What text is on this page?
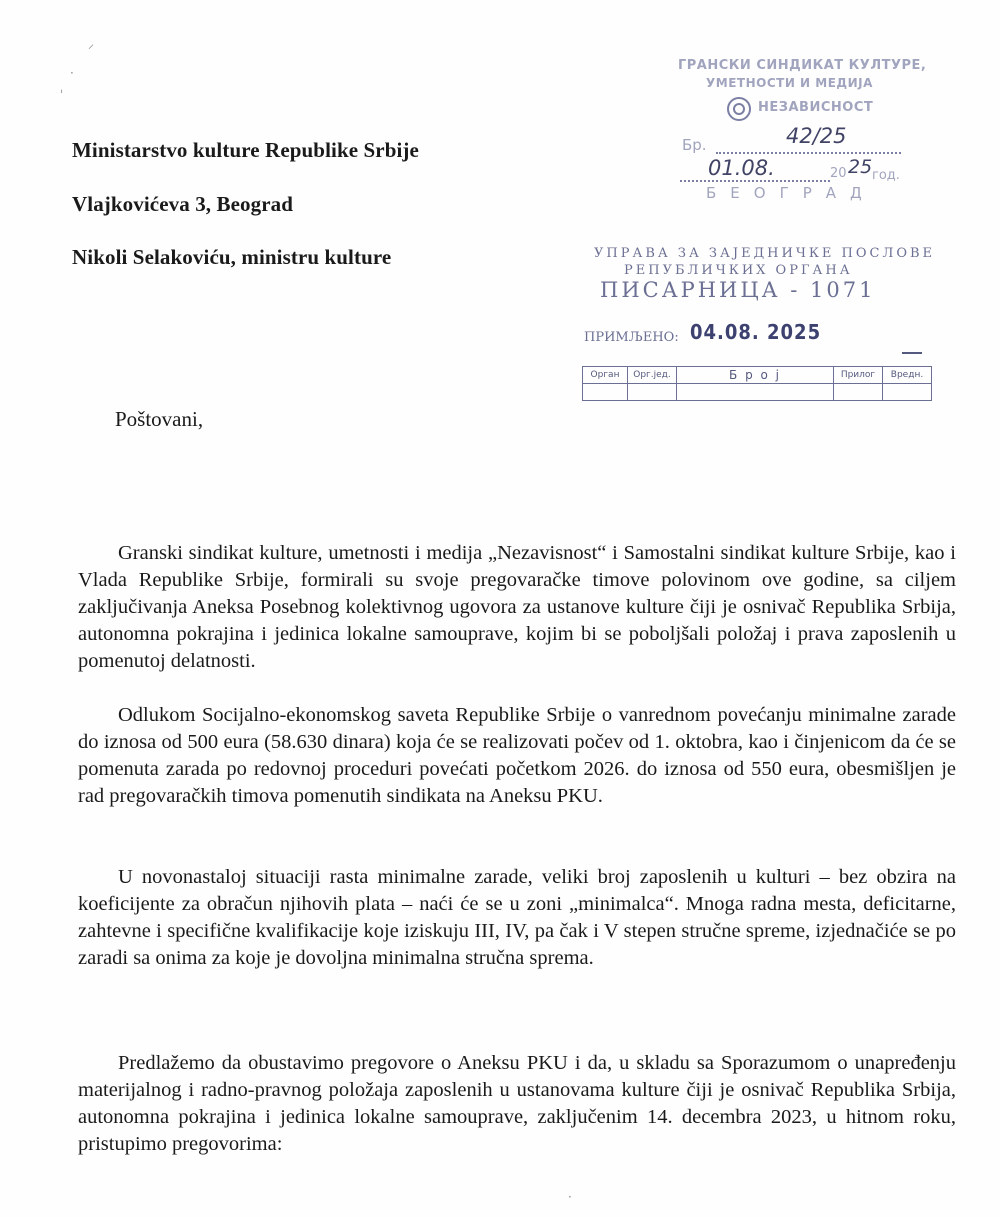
⸍
·
ˌ
Ministarstvo kulture Republike Srbije
Vlajkovićeva 3, Beograd
Nikoli Selakoviću, ministru kulture
ГРАНСКИ СИНДИКАТ КУЛТУРЕ,
УМЕТНОСТИ И МЕДИЈА
НЕЗАВИСНОСТ
Бр.	42/25
01.08.	20 25 год.
БЕОГРАД
УПРАВА ЗА ЗАЈЕДНИЧКЕ ПОСЛОВЕ
РЕПУБЛИЧКИХ ОРГАНА
ПИСАРНИЦА - 1071
ПРИМЉЕНО: 04.08. 2025
Орган	Орг.јед.	Б р о ј	Прилог	Вредн.

Poštovani,
Granski sindikat kulture, umetnosti i medija „Nezavisnost“ i Samostalni sindikat kulture Srbije, kao i Vlada Republike Srbije, formirali su svoje pregovaračke timove polovinom ove godine, sa ciljem zaključivanja Aneksa Posebnog kolektivnog ugovora za ustanove kulture čiji je osnivač Republika Srbija, autonomna pokrajina i jedinica lokalne samouprave, kojim bi se poboljšali položaj i prava zaposlenih u pomenutoj delatnosti.
Odlukom Socijalno-ekonomskog saveta Republike Srbije o vanrednom povećanju minimalne zarade do iznosa od 500 eura (58.630 dinara) koja će se realizovati počev od 1. oktobra, kao i činjenicom da će se pomenuta zarada po redovnoj proceduri povećati početkom 2026. do iznosa od 550 eura, obesmišljen je rad pregovaračkih timova pomenutih sindikata na Aneksu PKU.
U novonastaloj situaciji rasta minimalne zarade, veliki broj zaposlenih u kulturi – bez obzira na koeficijente za obračun njihovih plata – naći će se u zoni „minimalca“. Mnoga radna mesta, deficitarne, zahtevne i specifične kvalifikacije koje iziskuju III, IV, pa čak i V stepen stručne spreme, izjednačiće se po zaradi sa onima za koje je dovoljna minimalna stručna sprema.
Predlažemo da obustavimo pregovore o Aneksu PKU i da, u skladu sa Sporazumom o unapređenju materijalnog i radno-pravnog položaja zaposlenih u ustanovama kulture čiji je osnivač Republika Srbija, autonomna pokrajina i jedinica lokalne samouprave, zaključenim 14. decembra 2023, u hitnom roku, pristupimo pregovorima:
·
